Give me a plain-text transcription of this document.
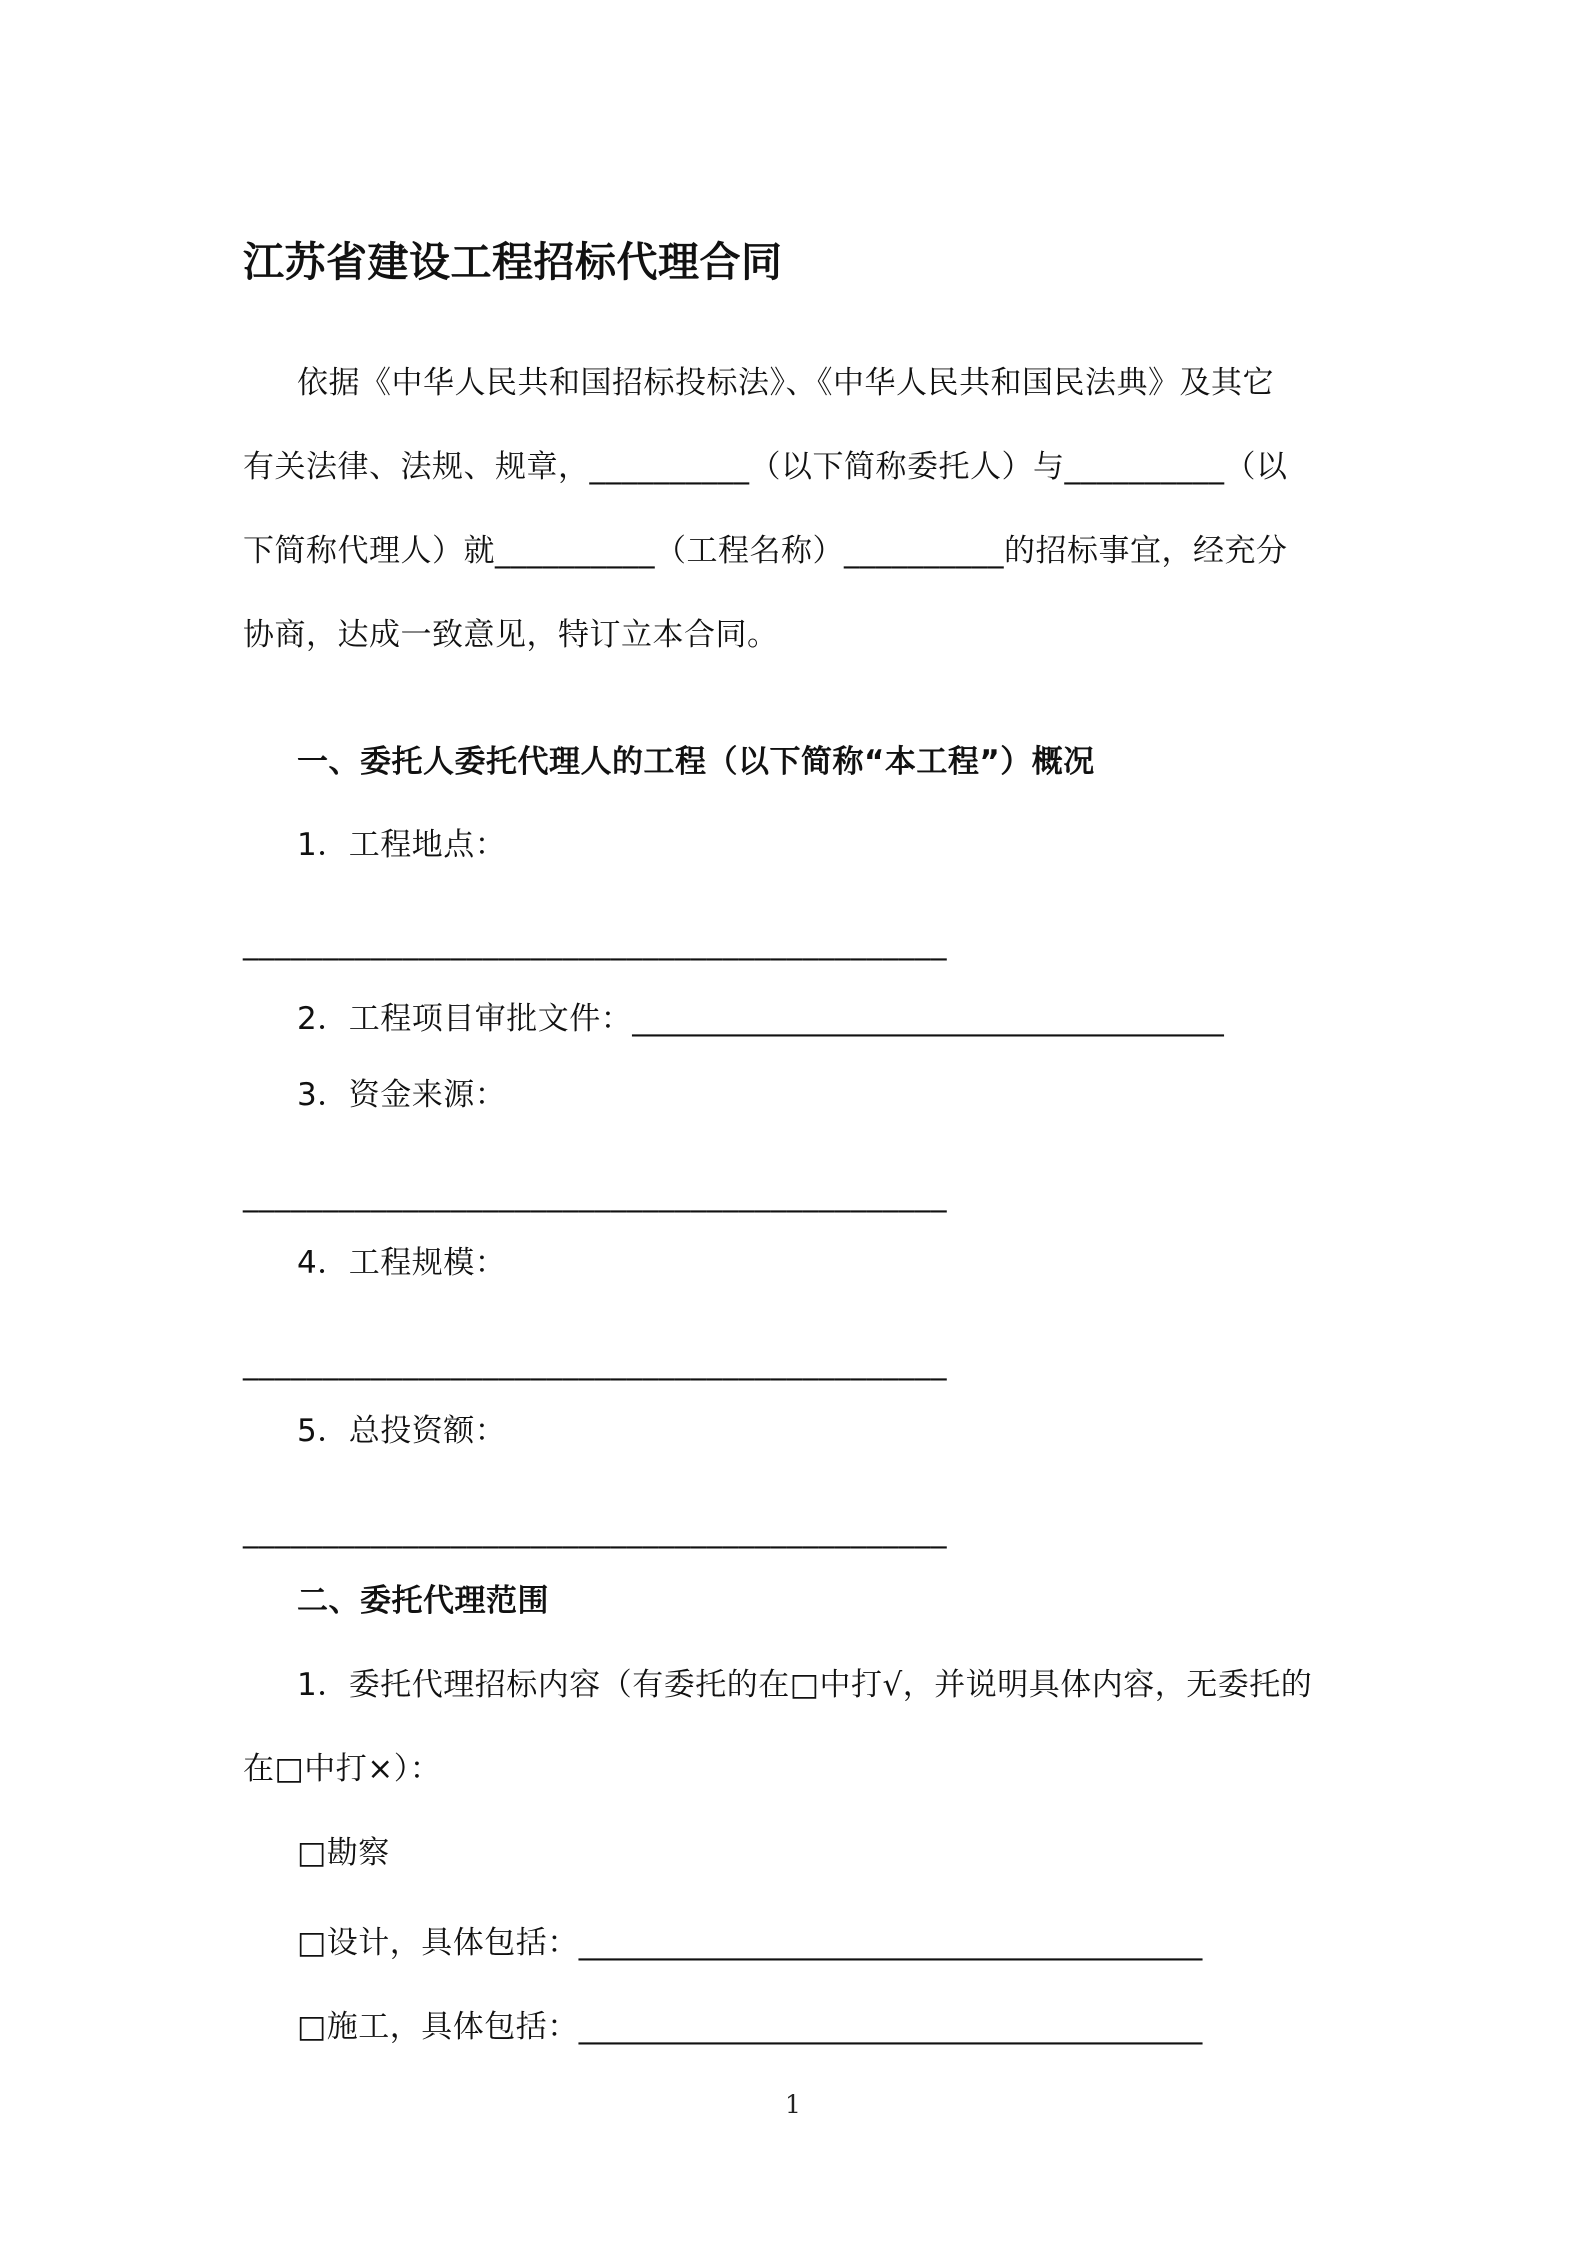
江苏省建设工程招标代理合同
依据《中华人民共和国招标投标法》、《中华人民共和国民法典》及其它
有关法律、法规、规章，__________（以下简称委托人）与__________（以
下简称代理人）就__________（工程名称）__________的招标事宜，经充分
协商，达成一致意见，特订立本合同。
一、委托人委托代理人的工程（以下简称“本工程”）概况
1．工程地点：
____________________________________________
2．工程项目审批文件：_____________________________________
3．资金来源：
____________________________________________
4．工程规模：
____________________________________________
5．总投资额：
____________________________________________
二、委托代理范围
1．委托代理招标内容（有委托的在□中打√，并说明具体内容，无委托的
在□中打×）：
□勘察
□设计，具体包括：_______________________________________
□施工，具体包括：_______________________________________
1
